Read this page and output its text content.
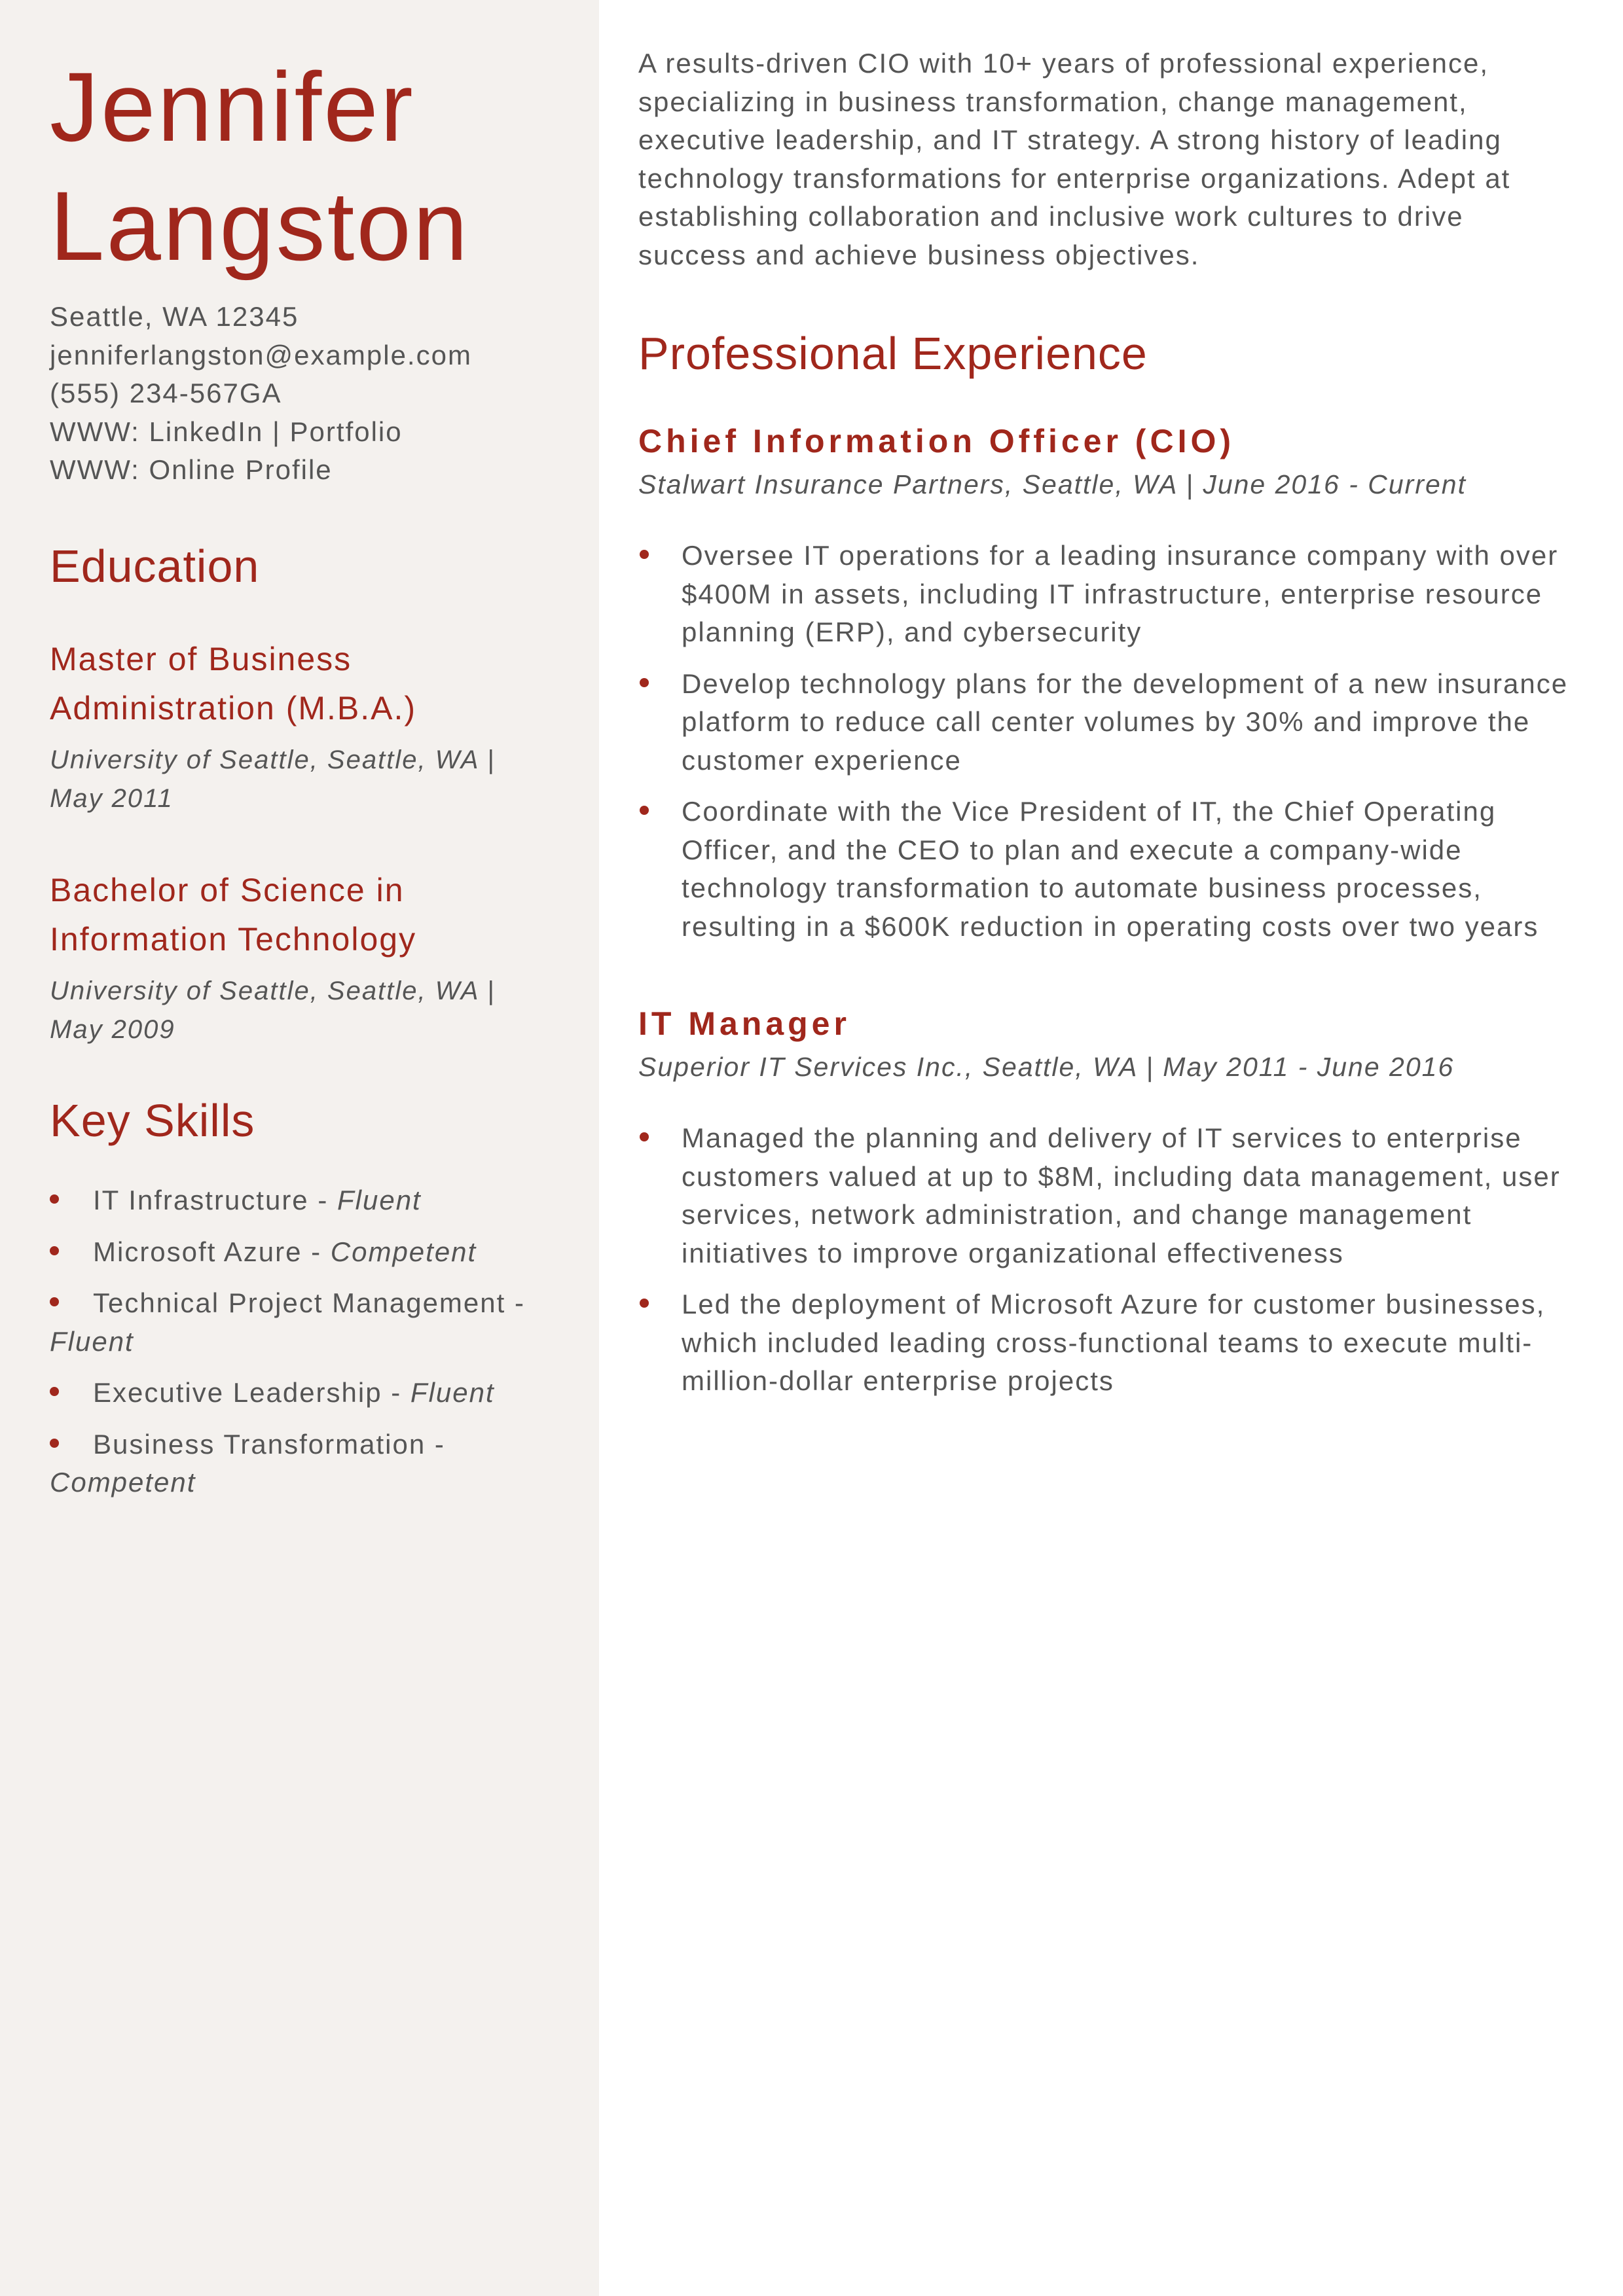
Jennifer
Langston
Seattle, WA 12345
jenniferlangston@example.com
(555) 234-567GA
WWW: LinkedIn | Portfolio
WWW: Online Profile
Education
Master of Business Administration (M.B.A.)
University of Seattle, Seattle, WA | May 2011
Bachelor of Science in Information Technology
University of Seattle, Seattle, WA | May 2009
Key Skills
IT Infrastructure - Fluent
Microsoft Azure - Competent
Technical Project Management - Fluent
Executive Leadership - Fluent
Business Transformation - Competent

A results-driven CIO with 10+ years of professional experience, specializing in business transformation, change management, executive leadership, and IT strategy. A strong history of leading technology transformations for enterprise organizations. Adept at establishing collaboration and inclusive work cultures to drive success and achieve business objectives.

Professional Experience
Chief Information Officer (CIO)
Stalwart Insurance Partners, Seattle, WA | June 2016 - Current
Oversee IT operations for a leading insurance company with over $400M in assets, including IT infrastructure, enterprise resource planning (ERP), and cybersecurity
Develop technology plans for the development of a new insurance platform to reduce call center volumes by 30% and improve the customer experience
Coordinate with the Vice President of IT, the Chief Operating Officer, and the CEO to plan and execute a company-wide technology transformation to automate business processes, resulting in a $600K reduction in operating costs over two years
IT Manager
Superior IT Services Inc., Seattle, WA | May 2011 - June 2016
Managed the planning and delivery of IT services to enterprise customers valued at up to $8M, including data management, user services, network administration, and change management initiatives to improve organizational effectiveness
Led the deployment of Microsoft Azure for customer businesses, which included leading cross-functional teams to execute multi-million-dollar enterprise projects
